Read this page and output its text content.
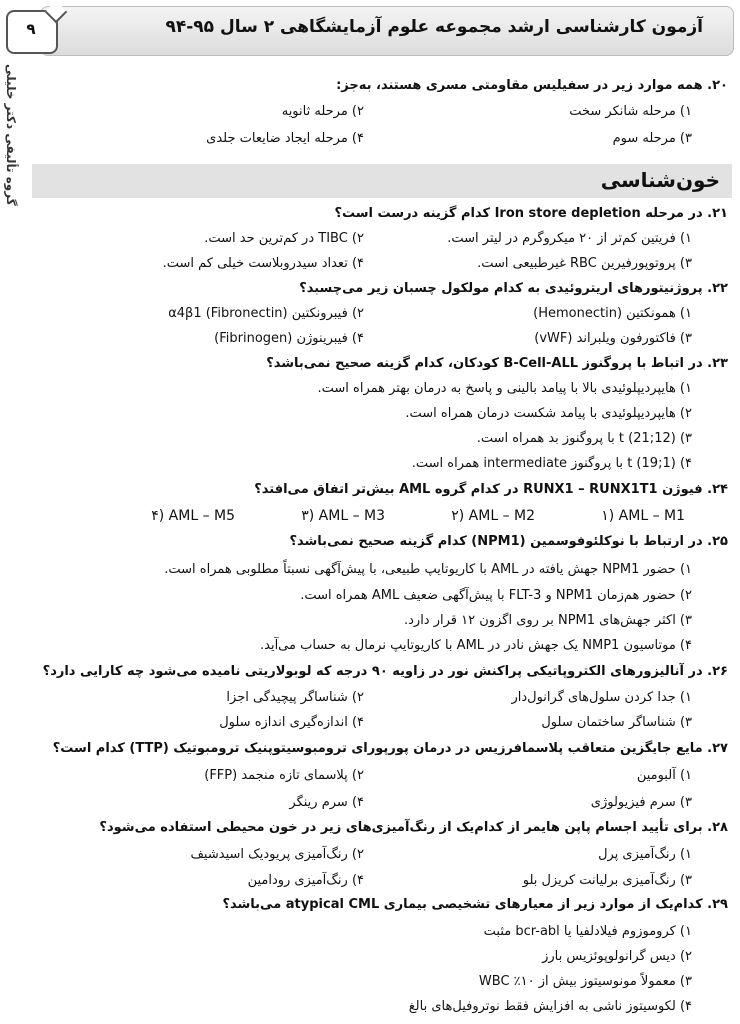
آزمون کارشناسی ارشد مجموعه علوم آزمایشگاهی ۲ سال ۹۵-۹۴
۹
گروه تألیفی دکتر خلیلی	۲۰. همه موارد زیر در سفیلیس مقاومتی مسری هستند، به‌جز:
۱) مرحله شانکر سخت
۲) مرحله ثانویه
۳) مرحله سوم
۴) مرحله ایجاد ضایعات جلدی
خون‌شناسی
۲۱. در مرحله Iron store depletion کدام گزینه درست است؟
۱) فریتین کم‌تر از ۲۰ میکروگرم در لیتر است.
۲) TIBC در کم‌ترین حد است.
۳) پروتوپورفیرین RBC غیرطبیعی است.
۴) تعداد سیدروبلاست خیلی کم است.
۲۲. پروژنیتورهای اریتروئیدی به کدام مولکول چسبان زیر می‌چسبد؟
۱) همونکتین (Hemonectin)
۲) فیبرونکتین α4β1 (Fibronectin)
۳) فاکتورفون ویلبراند (vWF)
۴) فیبرینوژن (Fibrinogen)
۲۳. در اتباط با پروگنوز B-Cell-ALL کودکان، کدام گزینه صحیح نمی‌باشد؟
۱) هایپردیپلوئیدی بالا با پیامد بالینی و پاسخ به درمان بهتر همراه است.
۲) هایپردیپلوئیدی با پیامد شکست درمان همراه است.
۳) (12;21) t با پروگنوز بد همراه است.
۴) (1;19) t با پروگنوز intermediate همراه است.
۲۴. فیوژن RUNX1 – RUNX1T1 در کدام گروه AML بیش‌تر اتفاق می‌افتد؟
۱) AML – M1
۲) AML – M2
۳) AML – M3
۴) AML – M5
۲۵. در ارتباط با نوکلئوفوسمین (NPM1) کدام گزینه صحیح نمی‌باشد؟
۱) حضور NPM1 جهش یافته در AML با کاریوتایپ طبیعی، با پیش‌آگهی نسبتاً مطلوبی همراه است.
۲) حضور هم‌زمان NPM1 و FLT-3 با پیش‌آگهی ضعیف AML همراه است.
۳) اکثر جهش‌های NPM1 بر روی اگزون ۱۲ قرار دارد.
۴) موتاسیون NMP1 یک جهش نادر در AML با کاریوتایپ نرمال به حساب می‌آید.
۲۶. در آنالیزورهای الکتروپاتیکی پراکنش نور در زاویه ۹۰ درجه که لوبولاریتی نامیده می‌شود چه کارایی دارد؟
۱) جدا کردن سلول‌های گرانول‌دار
۲) شناساگر پیچیدگی اجزا
۳) شناساگر ساختمان سلول
۴) اندازه‌گیری اندازه سلول
۲۷. مایع جایگزین متعاقب پلاسمافرزیس در درمان پورپورای ترومبوسیتوپنیک ترومبوتیک (TTP) کدام است؟
۱) آلبومین
۲) پلاسمای تازه منجمد (FFP)
۳) سرم فیزیولوژی
۴) سرم رینگر
۲۸. برای تأیید اجسام پاپن هایمر از کدام‌یک از رنگ‌آمیزی‌های زیر در خون محیطی استفاده می‌شود؟
۱) رنگ‌آمیزی پرل
۲) رنگ‌آمیزی پریودیک اسیدشیف
۳) رنگ‌آمیزی برلیانت کریزل بلو
۴) رنگ‌آمیزی رودامین
۲۹. کدام‌یک از موارد زیر از معیارهای تشخیصی بیماری atypical CML می‌باشد؟
۱) کروموزوم فیلادلفیا یا bcr-abl مثبت
۲) دیس گرانولوپوئزیس بارز
۳) معمولاً مونوسیتوز بیش از ۱۰٪ WBC
۴) لکوسیتوز ناشی به افزایش فقط نوتروفیل‌های بالغ
